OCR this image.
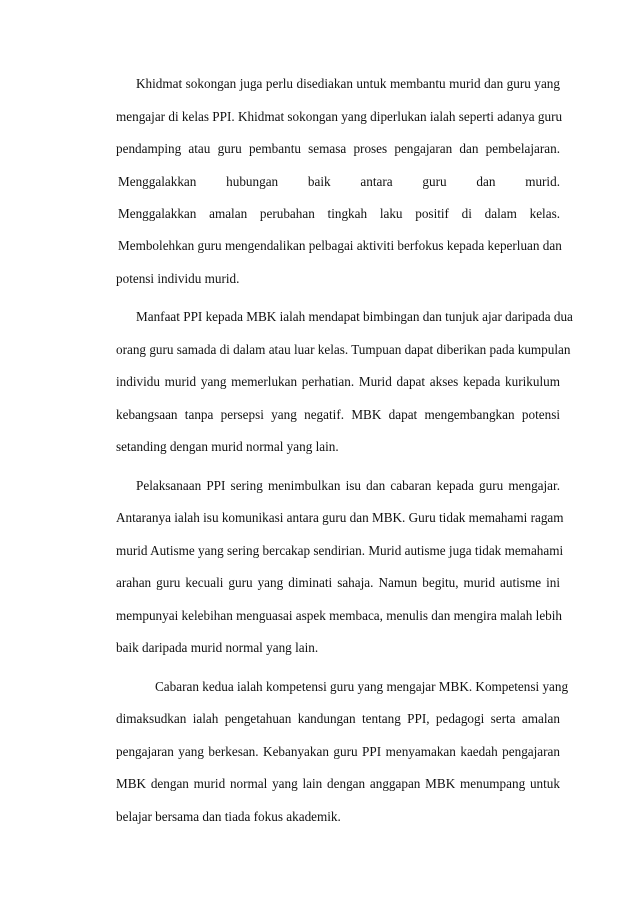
Khidmat sokongan juga perlu disediakan untuk membantu murid dan guru yang
mengajar di kelas PPI. Khidmat sokongan yang diperlukan ialah seperti adanya guru
pendamping atau guru pembantu semasa proses pengajaran dan pembelajaran.
Menggalakkan hubungan baik antara guru dan murid.
Menggalakkan amalan perubahan tingkah laku positif di dalam kelas.
Membolehkan guru mengendalikan pelbagai aktiviti berfokus kepada keperluan dan
potensi individu murid.
Manfaat PPI kepada MBK ialah mendapat bimbingan dan tunjuk ajar daripada dua
orang guru samada di dalam atau luar kelas. Tumpuan dapat diberikan pada kumpulan
individu murid yang memerlukan perhatian. Murid dapat akses kepada kurikulum
kebangsaan tanpa persepsi yang negatif. MBK dapat mengembangkan potensi
setanding dengan murid normal yang lain.
Pelaksanaan PPI sering menimbulkan isu dan cabaran kepada guru mengajar.
Antaranya ialah isu komunikasi antara guru dan MBK. Guru tidak memahami ragam
murid Autisme yang sering bercakap sendirian. Murid autisme juga tidak memahami
arahan guru kecuali guru yang diminati sahaja. Namun begitu, murid autisme ini
mempunyai kelebihan menguasai aspek membaca, menulis dan mengira malah lebih
baik daripada murid normal yang lain.
Cabaran kedua ialah kompetensi guru yang mengajar MBK. Kompetensi yang
dimaksudkan ialah pengetahuan kandungan tentang PPI, pedagogi serta amalan
pengajaran yang berkesan. Kebanyakan guru PPI menyamakan kaedah pengajaran
MBK dengan murid normal yang lain dengan anggapan MBK menumpang untuk
belajar bersama dan tiada fokus akademik.
